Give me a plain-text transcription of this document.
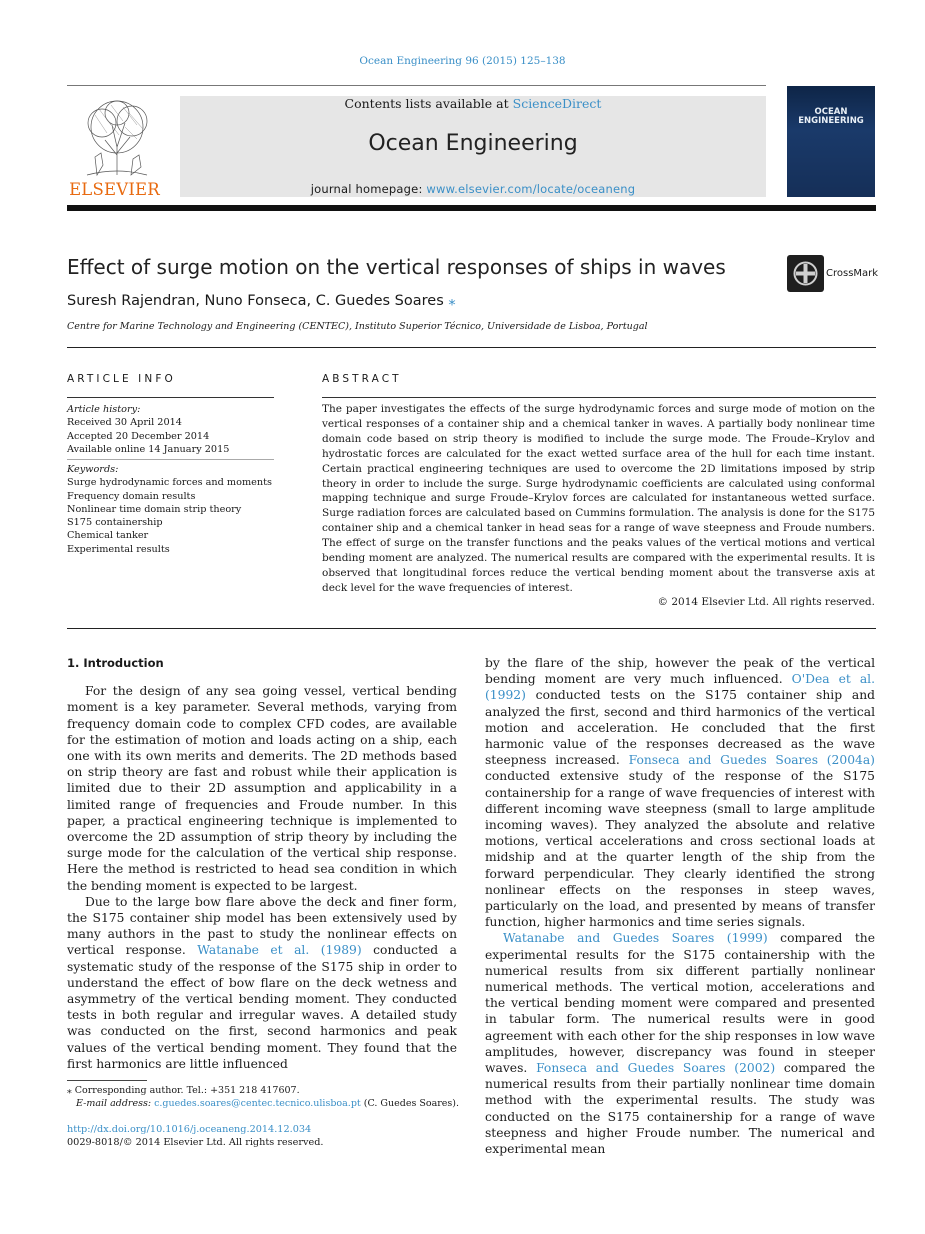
Ocean Engineering 96 (2015) 125–138
ELSEVIER
Contents lists available at ScienceDirect
Ocean Engineering
journal homepage: www.elsevier.com/locate/oceaneng
OCEAN ENGINEERING
Effect of surge motion on the vertical responses of ships in waves	CrossMark
Suresh Rajendran, Nuno Fonseca, C. Guedes Soares ⁎
Centre for Marine Technology and Engineering (CENTEC), Instituto Superior Técnico, Universidade de Lisboa, Portugal
ARTICLE INFO
Article history:
Received 30 April 2014
Accepted 20 December 2014
Available online 14 January 2015
Keywords:
Surge hydrodynamic forces and moments
Frequency domain results
Nonlinear time domain strip theory
S175 containership
Chemical tanker
Experimental results
ABSTRACT
The paper investigates the effects of the surge hydrodynamic forces and surge mode of motion on the vertical responses of a container ship and a chemical tanker in waves. A partially body nonlinear time domain code based on strip theory is modified to include the surge mode. The Froude–Krylov and hydrostatic forces are calculated for the exact wetted surface area of the hull for each time instant. Certain practical engineering techniques are used to overcome the 2D limitations imposed by strip theory in order to include the surge. Surge hydrodynamic coefficients are calculated using conformal mapping technique and surge Froude–Krylov forces are calculated for instantaneous wetted surface. Surge radiation forces are calculated based on Cummins formulation. The analysis is done for the S175 container ship and a chemical tanker in head seas for a range of wave steepness and Froude numbers. The effect of surge on the transfer functions and the peaks values of the vertical motions and vertical bending moment are analyzed. The numerical results are compared with the experimental results. It is observed that longitudinal forces reduce the vertical bending moment about the transverse axis at deck level for the wave frequencies of interest.
© 2014 Elsevier Ltd. All rights reserved.

1. Introduction

For the design of any sea going vessel, vertical bending moment is a key parameter. Several methods, varying from frequency domain code to complex CFD codes, are available for the estimation of motion and loads acting on a ship, each one with its own merits and demerits. The 2D methods based on strip theory are fast and robust while their application is limited due to their 2D assumption and applicability in a limited range of frequencies and Froude number. In this paper, a practical engineering technique is implemented to overcome the 2D assumption of strip theory by including the surge mode for the calculation of the vertical ship response. Here the method is restricted to head sea condition in which the bending moment is expected to be largest.

Due to the large bow flare above the deck and finer form, the S175 container ship model has been extensively used by many authors in the past to study the nonlinear effects on vertical response. Watanabe et al. (1989) conducted a systematic study of the response of the S175 ship in order to understand the effect of bow flare on the deck wetness and asymmetry of the vertical bending moment. They conducted tests in both regular and irregular waves. A detailed study was conducted on the first, second harmonics and peak values of the vertical bending moment. They found that the first harmonics are little influenced

by the flare of the ship, however the peak of the vertical bending moment are very much influenced. O'Dea et al. (1992) conducted tests on the S175 container ship and analyzed the first, second and third harmonics of the vertical motion and acceleration. He concluded that the first harmonic value of the responses decreased as the wave steepness increased. Fonseca and Guedes Soares (2004a) conducted extensive study of the response of the S175 containership for a range of wave frequencies of interest with different incoming wave steepness (small to large amplitude incoming waves). They analyzed the absolute and relative motions, vertical accelerations and cross sectional loads at midship and at the quarter length of the ship from the forward perpendicular. They clearly identified the strong nonlinear effects on the responses in steep waves, particularly on the load, and presented by means of transfer function, higher harmonics and time series signals.

Watanabe and Guedes Soares (1999) compared the experimental results for the S175 containership with the numerical results from six different partially nonlinear numerical methods. The vertical motion, accelerations and the vertical bending moment were compared and presented in tabular form. The numerical results were in good agreement with each other for the ship responses in low wave amplitudes, however, discrepancy was found in steeper waves. Fonseca and Guedes Soares (2002) compared the numerical results from their partially nonlinear time domain method with the experimental results. The study was conducted on the S175 containership for a range of wave steepness and higher Froude number. The numerical and experimental mean

⁎ Corresponding author. Tel.: +351 218 417607.
E-mail address: c.guedes.soares@centec.tecnico.ulisboa.pt (C. Guedes Soares).
http://dx.doi.org/10.1016/j.oceaneng.2014.12.034
0029-8018/© 2014 Elsevier Ltd. All rights reserved.
